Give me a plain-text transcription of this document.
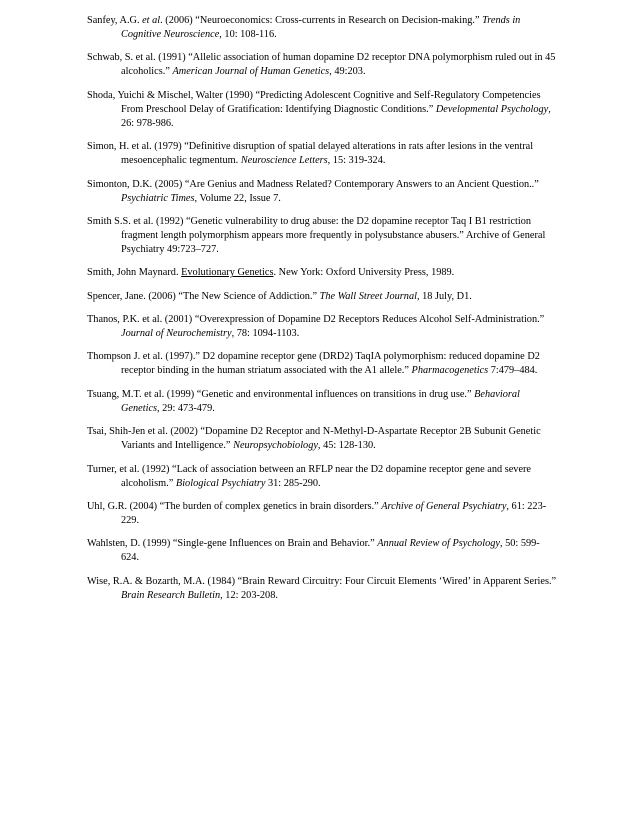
Sanfey, A.G. et al. (2006) “Neuroeconomics: Cross-currents in Research on Decision-making.” Trends in Cognitive Neuroscience, 10: 108-116.

Schwab, S. et al. (1991) “Allelic association of human dopamine D2 receptor DNA polymorphism ruled out in 45 alcoholics.” American Journal of Human Genetics, 49:203.

Shoda, Yuichi & Mischel, Walter (1990) “Predicting Adolescent Cognitive and Self-Regulatory Competencies From Preschool Delay of Gratification: Identifying Diagnostic Conditions.” Developmental Psychology, 26: 978-986.

Simon, H. et al. (1979) “Definitive disruption of spatial delayed alterations in rats after lesions in the ventral mesoencephalic tegmentum. Neuroscience Letters, 15: 319-324.

Simonton, D.K. (2005) “Are Genius and Madness Related? Contemporary Answers to an Ancient Question..” Psychiatric Times, Volume 22, Issue 7.

Smith S.S. et al. (1992) “Genetic vulnerability to drug abuse: the D2 dopamine receptor Taq I B1 restriction fragment length polymorphism appears more frequently in polysubstance abusers.” Archive of General Psychiatry 49:723–727.

Smith, John Maynard. Evolutionary Genetics. New York: Oxford University Press, 1989.

Spencer, Jane. (2006) “The New Science of Addiction.” The Wall Street Journal, 18 July, D1.

Thanos, P.K. et al. (2001) “Overexpression of Dopamine D2 Receptors Reduces Alcohol Self-Administration.” Journal of Neurochemistry, 78: 1094-1103.

Thompson J. et al. (1997).” D2 dopamine receptor gene (DRD2) TaqIA polymorphism: reduced dopamine D2 receptor binding in the human striatum associated with the A1 allele.” Pharmacogenetics 7:479–484.

Tsuang, M.T. et al. (1999) “Genetic and environmental influences on transitions in drug use.” Behavioral Genetics, 29: 473-479.

Tsai, Shih-Jen et al. (2002) “Dopamine D2 Receptor and N-Methyl-D-Aspartate Receptor 2B Subunit Genetic Variants and Intelligence.” Neuropsychobiology, 45: 128-130.

Turner, et al. (1992) “Lack of association between an RFLP near the D2 dopamine receptor gene and severe alcoholism.” Biological Psychiatry 31: 285-290.

Uhl, G.R. (2004) “The burden of complex genetics in brain disorders.” Archive of General Psychiatry, 61: 223-229.

Wahlsten, D. (1999) “Single-gene Influences on Brain and Behavior.” Annual Review of Psychology, 50: 599-624.

Wise, R.A. & Bozarth, M.A. (1984) “Brain Reward Circuitry: Four Circuit Elements ‘Wired’ in Apparent Series.” Brain Research Bulletin, 12: 203-208.
